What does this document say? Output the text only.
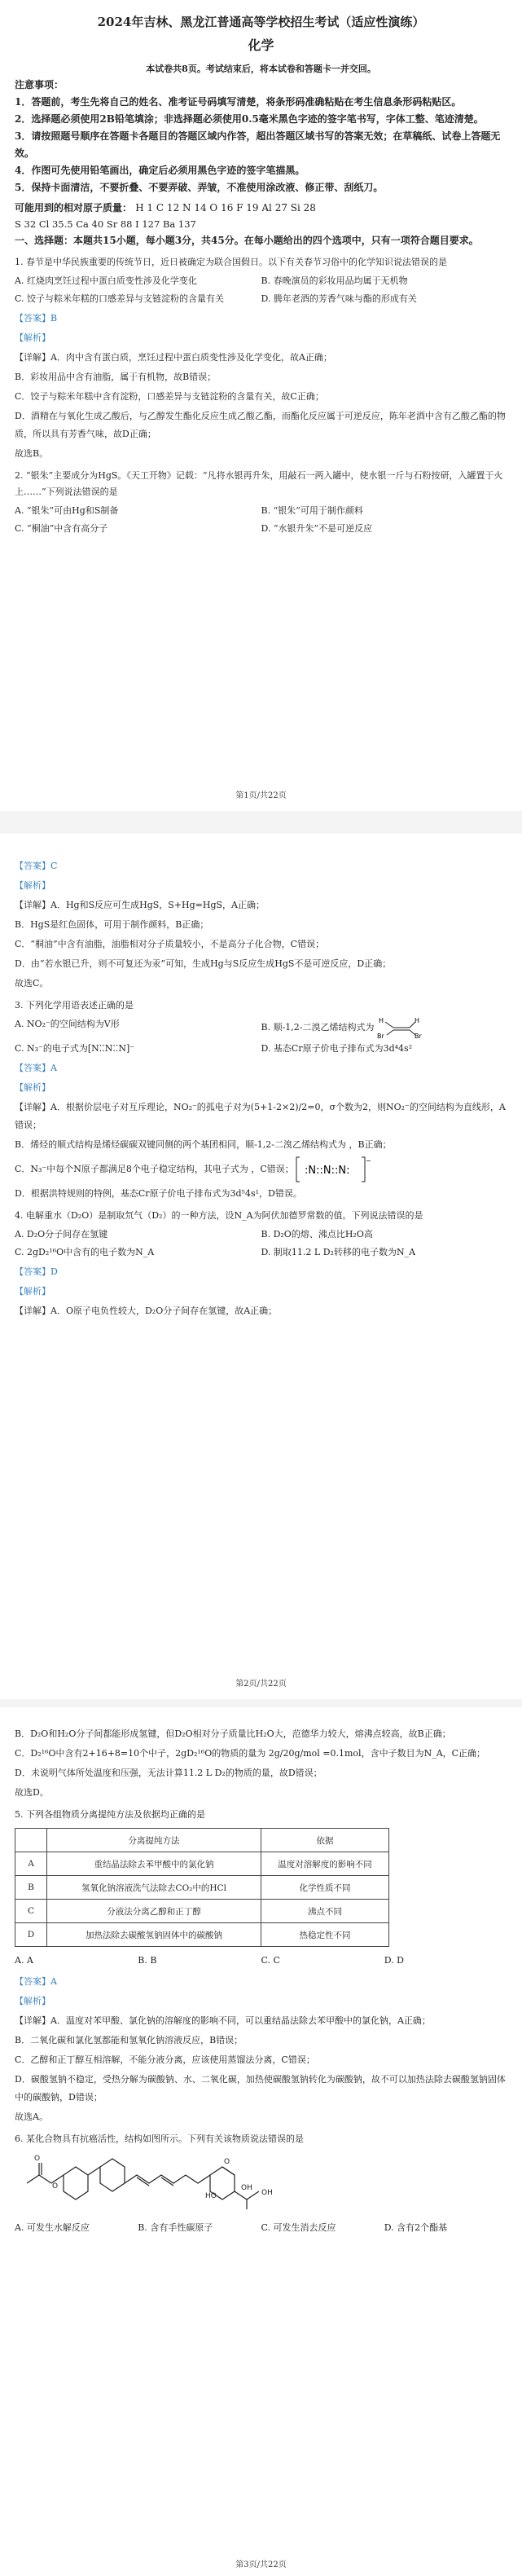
2024年吉林、黑龙江普通高等学校招生考试（适应性演练）
化学

本试卷共8页。考试结束后，将本试卷和答题卡一并交回。

注意事项：

1．答题前，考生先将自己的姓名、准考证号码填写清楚，将条形码准确粘贴在考生信息条形码粘贴区。

2．选择题必须使用2B铅笔填涂；非选择题必须使用0.5毫米黑色字迹的签字笔书写，字体工整、笔迹清楚。

3．请按照题号顺序在答题卡各题目的答题区域内作答，超出答题区域书写的答案无效；在草稿纸、试卷上答题无效。

4．作图可先使用铅笔画出，确定后必须用黑色字迹的签字笔描黑。

5．保持卡面清洁，不要折叠、不要弄破、弄皱，不准使用涂改液、修正带、刮纸刀。

可能用到的相对原子质量： H 1 C 12 N 14 O 16 F 19 Al 27 Si 28

S 32 Cl 35.5 Ca 40 Sr 88 I 127 Ba 137

一、选择题：本题共15小题，每小题3分，共45分。在每小题给出的四个选项中，只有一项符合题目要求。

1. 春节是中华民族重要的传统节日，近日被确定为联合国假日。以下有关春节习俗中的化学知识说法错误的是

A. 红烧肉烹饪过程中蛋白质变性涉及化学变化	B. 春晚演员的彩妆用品均属于无机物
C. 饺子与粽米年糕的口感差异与支链淀粉的含量有关	D. 腾年老酒的芳香气味与酯的形成有关

【答案】B

【解析】

【详解】A．肉中含有蛋白质，烹饪过程中蛋白质变性涉及化学变化，故A正确；

B．彩妆用品中含有油脂，属于有机物，故B错误；

C．饺子与粽米年糕中含有淀粉，口感差异与支链淀粉的含量有关，故C正确；

D．酒精在与氧化生成乙酸后，与乙醇发生酯化反应生成乙酸乙酯，而酯化反应属于可逆反应，陈年老酒中含有乙酸乙酯的物质，所以具有芳香气味，故D正确；

故选B。

2. “银朱”主要成分为HgS。《天工开物》记载：“凡将水银再升朱，用敲石一两入罐中，使水银一斤与石粉按研，入罐置于火上……”下列说法错误的是

A. “银朱”可由Hg和S制备	B. “银朱”可用于制作颜料
C. “桐油”中含有高分子	D. “水银升朱”不是可逆反应
第1页/共22页

【答案】C

【解析】

【详解】A．Hg和S反应可生成HgS，S+Hg=HgS，A正确；

B．HgS是红色固体，可用于制作颜料，B正确；

C．“桐油”中含有油脂，油脂相对分子质量较小，不是高分子化合物，C错误；

D．由“若水银已升，则不可复还为汞”可知，生成Hg与S反应生成HgS不是可逆反应，D正确；

故选C。

3. 下列化学用语表述正确的是

A. NO₂⁻的空间结构为V形	B. 顺-1,2-二溴乙烯结构式为
H	H
Br	Br
C. N₃⁻的电子式为[N⁚⁚N⁚⁚N]⁻	D. 基态Cr原子价电子排布式为3d⁴4s²

【答案】A

【解析】

【详解】A．根据价层电子对互斥理论，NO₂⁻的孤电子对为(5+1-2×2)/2=0，σ个数为2，则NO₂⁻的空间结构为直线形，A错误；

B．烯烃的顺式结构是烯烃碳碳双键同侧的两个基团相同，顺-1,2-二溴乙烯结构式为 ，B正确；

C．N₃⁻中每个N原子都满足8个电子稳定结构，其电子式为 ，C错误； :N::N::N:
−

D．根据洪特规则的特例，基态Cr原子价电子排布式为3d⁵4s¹，D错误。

4. 电解重水（D₂O）是制取氘气（D₂）的一种方法，设N_A为阿伏加德罗常数的值。下列说法错误的是

A. D₂O分子间存在氢键	B. D₂O的熔、沸点比H₂O高
C. 2gD₂¹⁶O中含有的电子数为N_A	D. 制取11.2 L D₂转移的电子数为N_A

【答案】D

【解析】

【详解】A．O原子电负性较大，D₂O分子间存在氢键，故A正确；

第2页/共22页

B．D₂O和H₂O分子间都能形成氢键，但D₂O相对分子质量比H₂O大，范德华力较大，熔沸点较高，故B正确；

C．D₂¹⁶O中含有2+16+8=10个中子，2gD₂¹⁶O的物质的量为 2g/20g/mol =0.1mol，含中子数目为N_A，C正确；

D．未说明气体所处温度和压强，无法计算11.2 L D₂的物质的量，故D错误；

故选D。

5. 下列各组物质分离提纯方法及依据均正确的是

	分离提纯方法	依据
A	重结晶法除去苯甲酸中的氯化钠	温度对溶解度的影响不同
B	氢氧化钠溶液洗气法除去CO₂中的HCl	化学性质不同
C	分液法分离乙醇和正丁醇	沸点不同
D	加热法除去碳酸氢钠固体中的碳酸钠	热稳定性不同
A. A	B. B	C. C	D. D

【答案】A

【解析】

【详解】A．温度对苯甲酸、氯化钠的溶解度的影响不同，可以重结晶法除去苯甲酸中的氯化钠，A正确；

B．二氧化碳和氯化氢都能和氢氧化钠溶液反应，B错误；

C．乙醇和正丁醇互相溶解，不能分液分离，应该使用蒸馏法分离，C错误；

D．碳酸氢钠不稳定，受热分解为碳酸钠、水、二氧化碳，加热使碳酸氢钠转化为碳酸钠，故不可以加热法除去碳酸氢钠固体中的碳酸钠，D错误；

故选A。

6. 某化合物具有抗癌活性，结构如图所示。下列有关该物质说法错误的是

O
O
O
HO
OH
OH
A. 可发生水解反应	B. 含有手性碳原子	C. 可发生消去反应	D. 含有2个酯基
第3页/共22页
